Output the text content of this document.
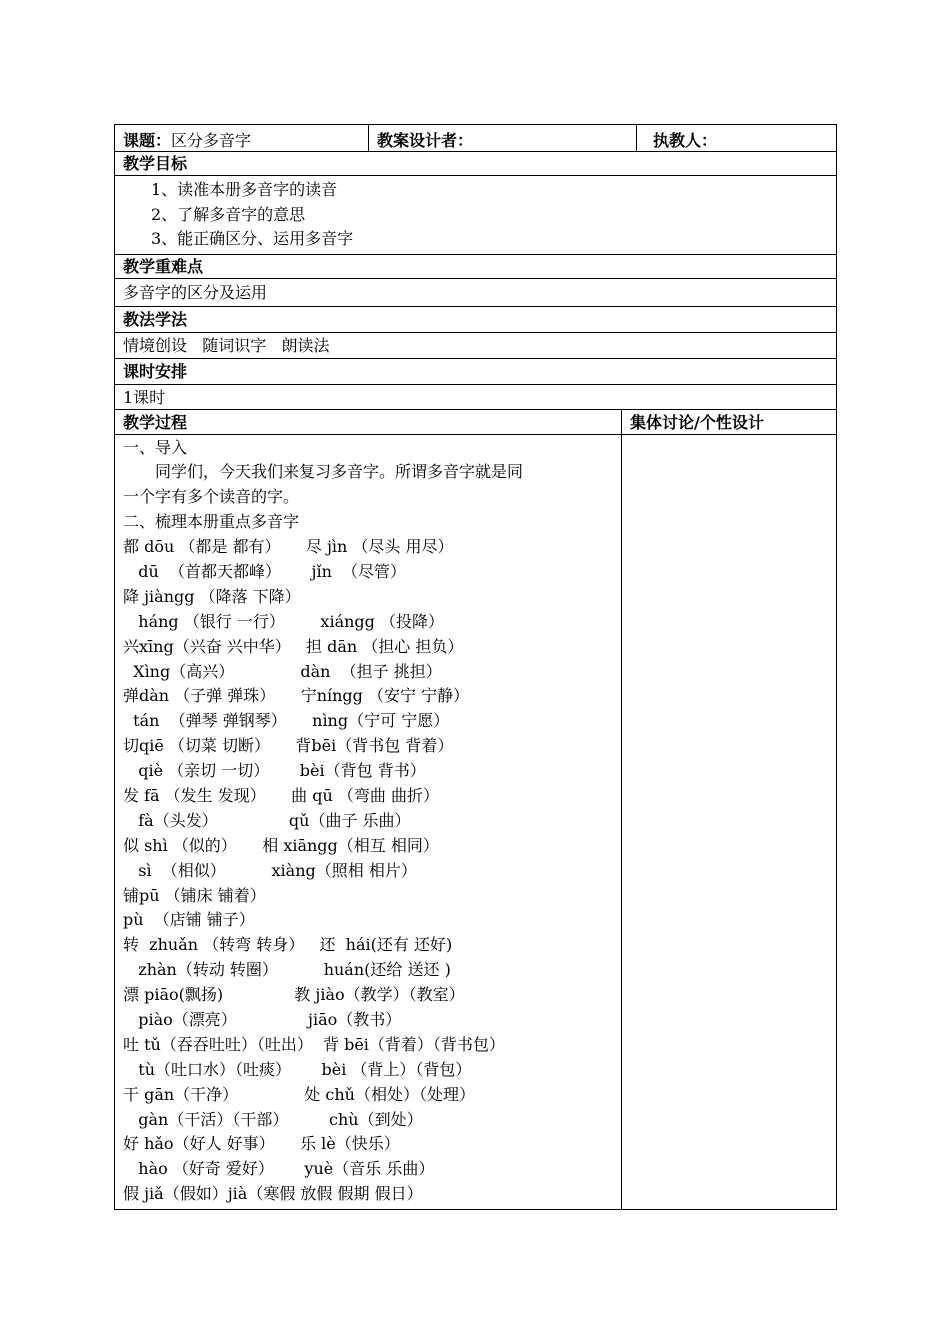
课题：区分多音字	教案设计者：	执教人：
教学目标
1、读准本册多音字的读音
2、了解多音字的意思
3、能正确区分、运用多音字
教学重难点
多音字的区分及运用
教法学法
情境创设   随词识字   朗读法
课时安排
1课时
教学过程	集体讨论/个性设计
一、导入
同学们，今天我们来复习多音字。所谓多音字就是同
一个字有多个读音的字。
二、梳理本册重点多音字
都 dōu （都是 都有）     尽 jìn （尽头 用尽）
dū  （首都天都峰）      jǐn  （尽管）
降 jiàngg （降落 下降）
háng （银行 一行）       xiángg （投降）
兴xīng（兴奋 兴中华）   担 dān （担心 担负）
Xìng（高兴）             dàn  （担子 挑担）
弹dàn （子弹 弹珠）     宁níngg （安宁 宁静）
tán  （弹琴 弹钢琴）     nìng（宁可 宁愿）
切qiē （切菜 切断）     背bēi（背书包 背着）
qiè （亲切 一切）      bèi（背包 背书）
发 fā （发生 发现）     曲 qū （弯曲 曲折）
fà（头发）              qǔ（曲子 乐曲）
似 shì （似的）     相 xiāngg（相互 相同）
sì  （相似）         xiàng（照相 相片）
铺pū （铺床 铺着）
pù  （店铺 铺子）
转  zhuǎn （转弯 转身）   还  hái(还有 还好)
zhàn（转动 转圈）         huán(还给 送还 )
漂 piāo(飘扬)              教 jiào（教学）（教室）
piào（漂亮）              jiāo（教书）
吐 tǔ（吞吞吐吐）（吐出）  背 bēi（背着）（背书包）
tù（吐口水）（吐痰）      bèi （背上）（背包）
干 gān（干净）             处 chǔ（相处）（处理）
gàn（干活）（干部）        chù（到处）
好 hǎo（好人 好事）     乐 lè（快乐）
hào （好奇 爱好）      yuè（音乐 乐曲）
假 jiǎ（假如）jià（寒假 放假 假期 假日）
